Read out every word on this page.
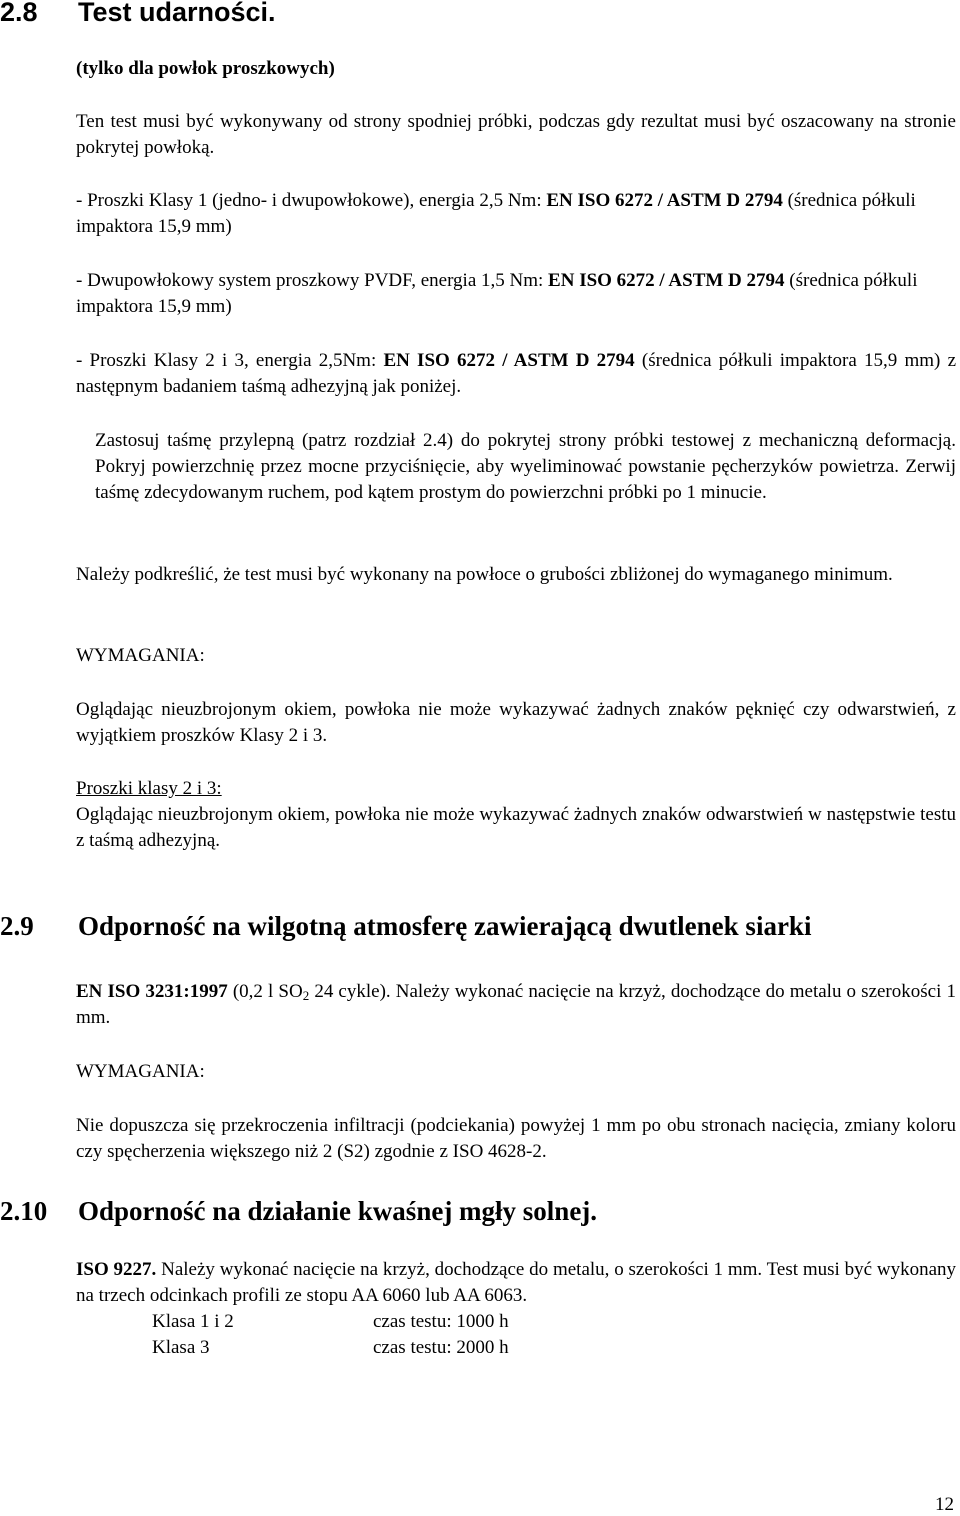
2.8 Test udarności.
(tylko dla powłok proszkowych)
Ten test musi być wykonywany od strony spodniej próbki, podczas gdy rezultat musi być oszacowany na stronie pokrytej powłoką.
- Proszki Klasy 1 (jedno- i dwupowłokowe), energia 2,5 Nm: EN ISO 6272 / ASTM D 2794 (średnica półkuli impaktora 15,9 mm)
- Dwupowłokowy system proszkowy PVDF, energia 1,5 Nm: EN ISO 6272 / ASTM D 2794 (średnica półkuli impaktora 15,9 mm)
- Proszki Klasy 2 i 3, energia 2,5Nm: EN ISO 6272 / ASTM D 2794 (średnica półkuli impaktora 15,9 mm) z następnym badaniem taśmą adhezyjną jak poniżej.
Zastosuj taśmę przylepną (patrz rozdział 2.4) do pokrytej strony próbki testowej z mechaniczną deformacją. Pokryj powierzchnię przez mocne przyciśnięcie, aby wyeliminować powstanie pęcherzyków powietrza. Zerwij taśmę zdecydowanym ruchem, pod kątem prostym do powierzchni próbki po 1 minucie.
Należy podkreślić, że test musi być wykonany na powłoce o grubości zbliżonej do wymaganego minimum.
WYMAGANIA:
Oglądając nieuzbrojonym okiem, powłoka nie może wykazywać żadnych znaków pęknięć czy odwarstwień, z wyjątkiem proszków Klasy 2 i 3.
Proszki klasy 2 i 3:
Oglądając nieuzbrojonym okiem, powłoka nie może wykazywać żadnych znaków odwarstwień w następstwie testu z taśmą adhezyjną.
2.9 Odporność na wilgotną atmosferę zawierającą dwutlenek siarki
EN ISO 3231:1997 (0,2 l $SO_2$ 24 cykle). Należy wykonać nacięcie na krzyż, dochodzące do metalu o szerokości 1 mm.
WYMAGANIA:
Nie dopuszcza się przekroczenia infiltracji (podciekania) powyżej 1 mm po obu stronach nacięcia, zmiany koloru czy spęcherzenia większego niż 2 (S2) zgodnie z ISO 4628-2.
2.10 Odporność na działanie kwaśnej mgły solnej.
ISO 9227. Należy wykonać nacięcie na krzyż, dochodzące do metalu, o szerokości 1 mm. Test musi być wykonany na trzech odcinkach profili ze stopu AA 6060 lub AA 6063.
Klasa 1 i 2	czas testu: 1000 h
Klasa 3	czas testu: 2000 h
12
